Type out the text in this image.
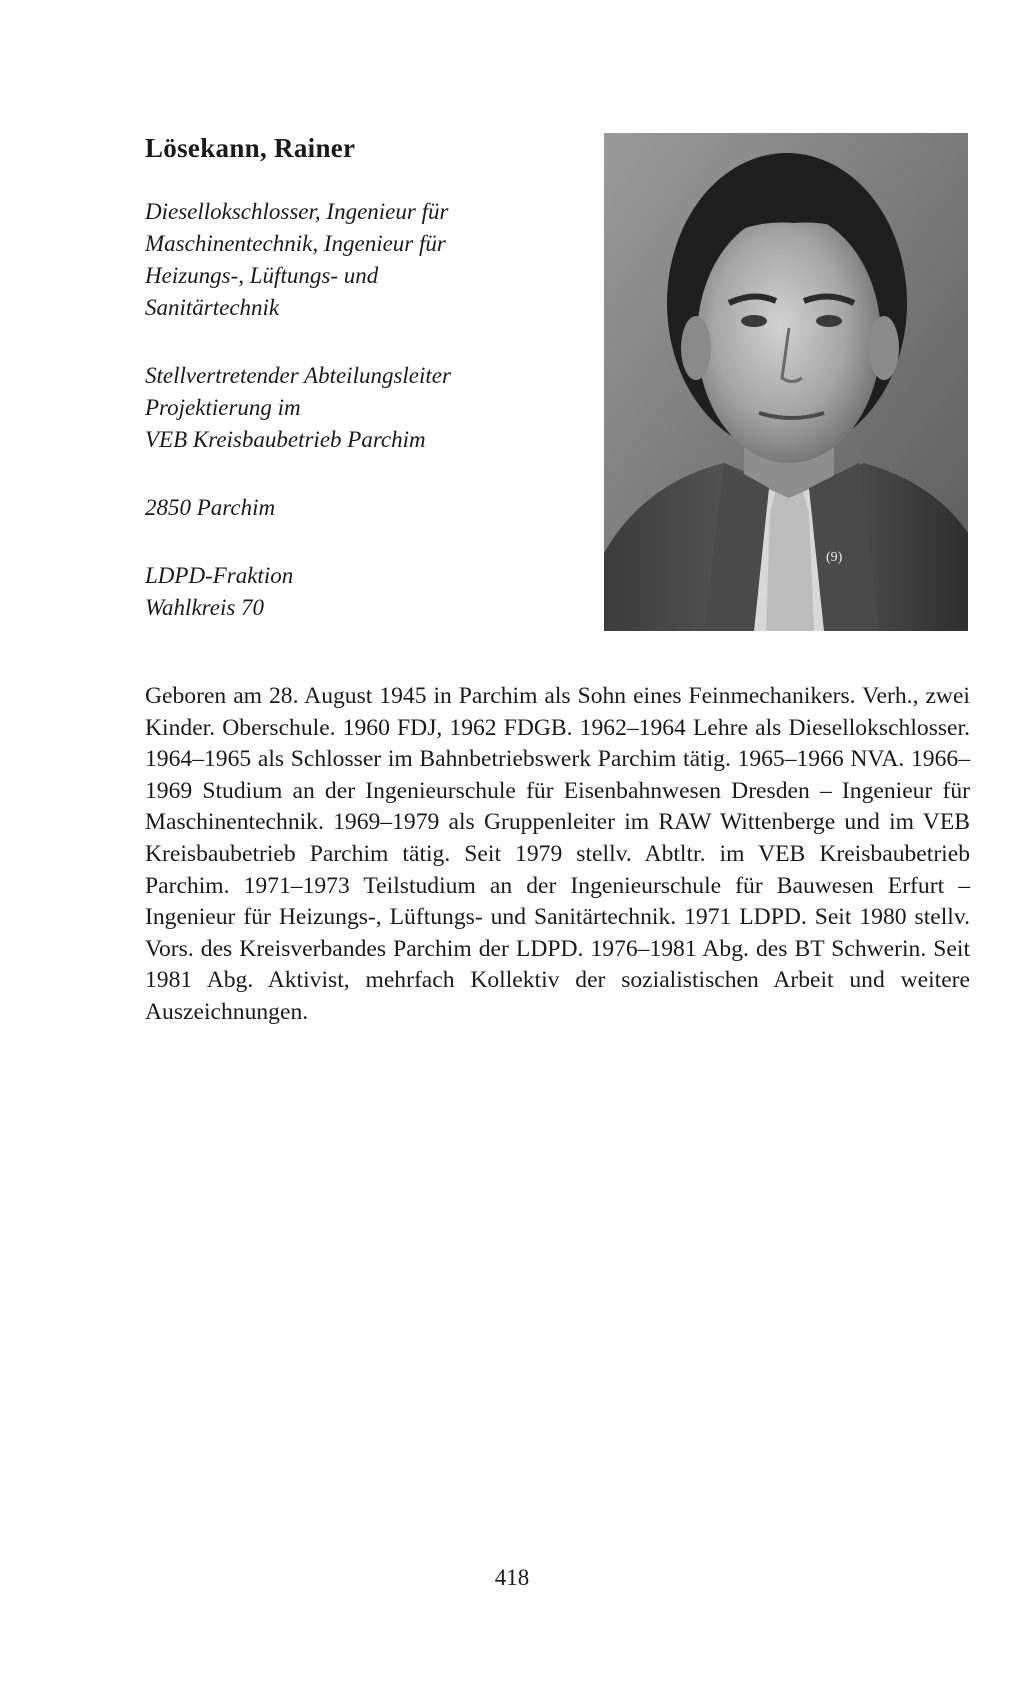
Lösekann, Rainer
Diesellokschlosser, Ingenieur für
Maschinentechnik, Ingenieur für
Heizungs-, Lüftungs- und
Sanitärtechnik
Stellvertretender Abteilungsleiter
Projektierung im
VEB Kreisbaubetrieb Parchim
2850 Parchim
LDPD-Fraktion
Wahlkreis 70
(9)

Geboren am 28. August 1945 in Parchim als Sohn eines Feinmechanikers. Verh., zwei Kinder. Oberschule. 1960 FDJ, 1962 FDGB. 1962–1964 Lehre als Diesellokschlosser. 1964–1965 als Schlosser im Bahnbetriebswerk Parchim tätig. 1965–1966 NVA. 1966–1969 Studium an der Ingenieurschule für Eisenbahnwesen Dresden – Ingenieur für Maschinentechnik. 1969–1979 als Gruppenleiter im RAW Wittenberge und im VEB Kreisbaubetrieb Parchim tätig. Seit 1979 stellv. Abtltr. im VEB Kreisbaubetrieb Parchim. 1971–1973 Teilstudium an der Ingenieurschule für Bauwesen Erfurt – Ingenieur für Heizungs-, Lüftungs- und Sanitärtechnik. 1971 LDPD. Seit 1980 stellv. Vors. des Kreisverbandes Parchim der LDPD. 1976–1981 Abg. des BT Schwerin. Seit 1981 Abg. Aktivist, mehrfach Kollektiv der sozialistischen Arbeit und weitere Auszeichnungen.

418
